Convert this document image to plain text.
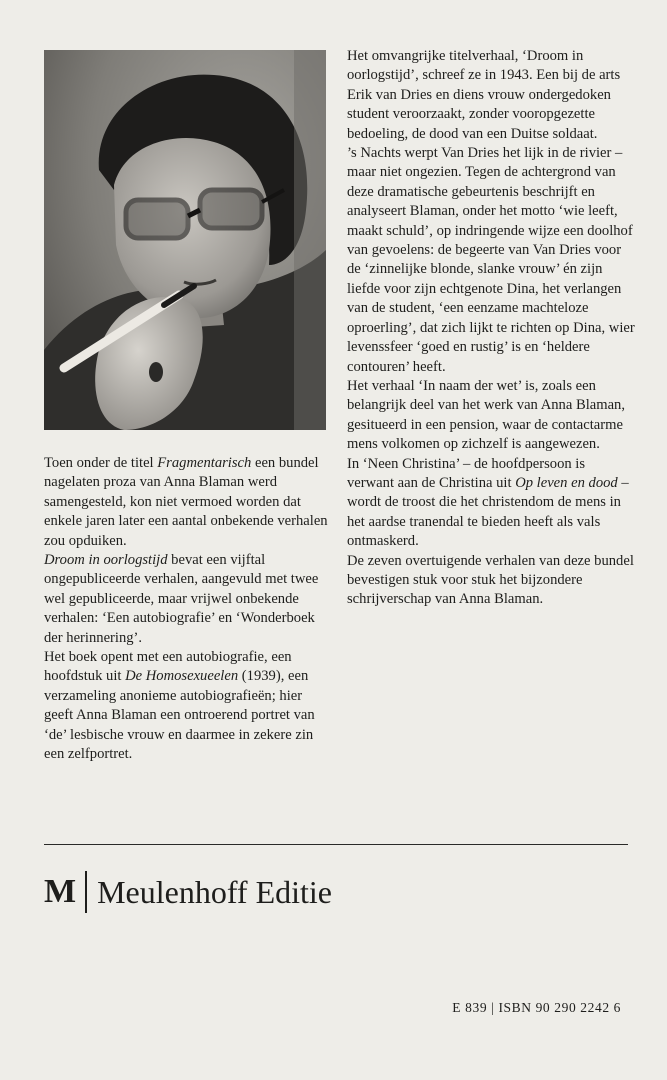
Toen onder de titel Fragmentarisch een bundel nagelaten proza van Anna Blaman werd samengesteld, kon niet vermoed worden dat enkele jaren later een aantal onbekende verhalen zou opduiken.

Droom in oorlogstijd bevat een vijftal ongepubliceerde verhalen, aangevuld met twee wel gepubliceerde, maar vrijwel onbekende verhalen: ‘Een autobiografie’ en ‘Wonderboek der herinnering’.

Het boek opent met een autobiografie, een hoofdstuk uit De Homosexueelen (1939), een verzameling anonieme autobiografieën; hier geeft Anna Blaman een ontroerend portret van ‘de’ lesbische vrouw en daarmee in zekere zin een zelfportret.

Het omvangrijke titelverhaal, ‘Droom in oorlogstijd’, schreef ze in 1943. Een bij de arts Erik van Dries en diens vrouw ondergedoken student veroorzaakt, zonder vooropgezette bedoeling, de dood van een Duitse soldaat.

’s Nachts werpt Van Dries het lijk in de rivier – maar niet ongezien. Tegen de achtergrond van deze dramatische gebeurtenis beschrijft en analyseert Blaman, onder het motto ‘wie leeft, maakt schuld’, op indringende wijze een doolhof van gevoelens: de begeerte van Van Dries voor de ‘zinnelijke blonde, slanke vrouw’ én zijn liefde voor zijn echtgenote Dina, het verlangen van de student, ‘een eenzame machteloze oproerling’, dat zich lijkt te richten op Dina, wier levenssfeer ‘goed en rustig’ is en ‘heldere contouren’ heeft.

Het verhaal ‘In naam der wet’ is, zoals een belangrijk deel van het werk van Anna Blaman, gesitueerd in een pension, waar de contactarme mens volkomen op zichzelf is aangewezen.

In ‘Neen Christina’ – de hoofdpersoon is verwant aan de Christina uit Op leven en dood – wordt de troost die het christendom de mens in het aardse tranendal te bieden heeft als vals ontmaskerd.

De zeven overtuigende verhalen van deze bundel bevestigen stuk voor stuk het bijzondere schrijverschap van Anna Blaman.

M Meulenhoff Editie
E 839 | ISBN 90 290 2242 6
